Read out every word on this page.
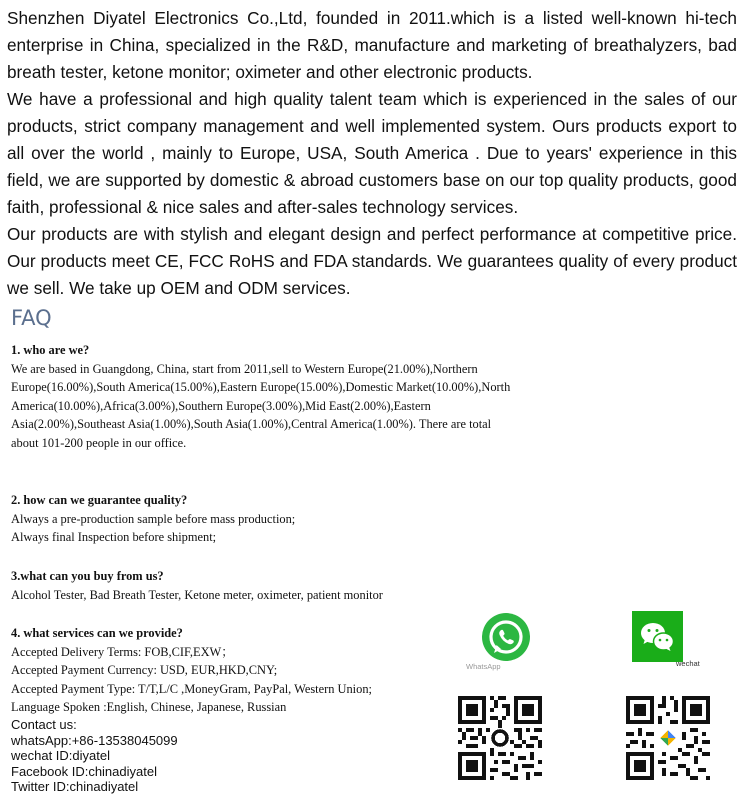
Shenzhen Diyatel Electronics Co.,Ltd, founded in 2011.which is a listed well-known hi-tech enterprise in China, specialized in the R&D, manufacture and marketing of breathalyzers, bad breath tester, ketone monitor; oximeter and other electronic products.

We have a professional and high quality talent team which is experienced in the sales of our products, strict company management and well implemented system. Ours products export to all over the world , mainly to Europe, USA, South America . Due to years' experience in this field, we are supported by domestic & abroad customers base on our top quality products, good faith, professional & nice sales and after-sales technology services.

Our products are with stylish and elegant design and perfect performance at competitive price. Our products meet CE, FCC RoHS and FDA standards. We guarantees quality of every product we sell. We take up OEM and ODM services.

FAQ
1. who are we?

We are based in Guangdong, China, start from 2011,sell to Western Europe(21.00%),Northern Europe(16.00%),South America(15.00%),Eastern Europe(15.00%),Domestic Market(10.00%),North America(10.00%),Africa(3.00%),Southern Europe(3.00%),Mid East(2.00%),Eastern Asia(2.00%),Southeast Asia(1.00%),South Asia(1.00%),Central America(1.00%). There are total about 101-200 people in our office.

2. how can we guarantee quality?

Always a pre-production sample before mass production;

Always final Inspection before shipment;

3.what can you buy from us?

Alcohol Tester, Bad Breath Tester, Ketone meter, oximeter, patient monitor

4. what services can we provide?

Accepted Delivery Terms: FOB,CIF,EXW；

Accepted Payment Currency: USD, EUR,HKD,CNY;

Accepted Payment Type: T/T,L/C ,MoneyGram, PayPal, Western Union;

Language Spoken :English, Chinese, Japanese, Russian

Contact us:
whatsApp:+86-13538045099
wechat ID:diyatel
Facebook ID:chinadiyatel
Twitter ID:chinadiyatel
WhatsApp	wechat
